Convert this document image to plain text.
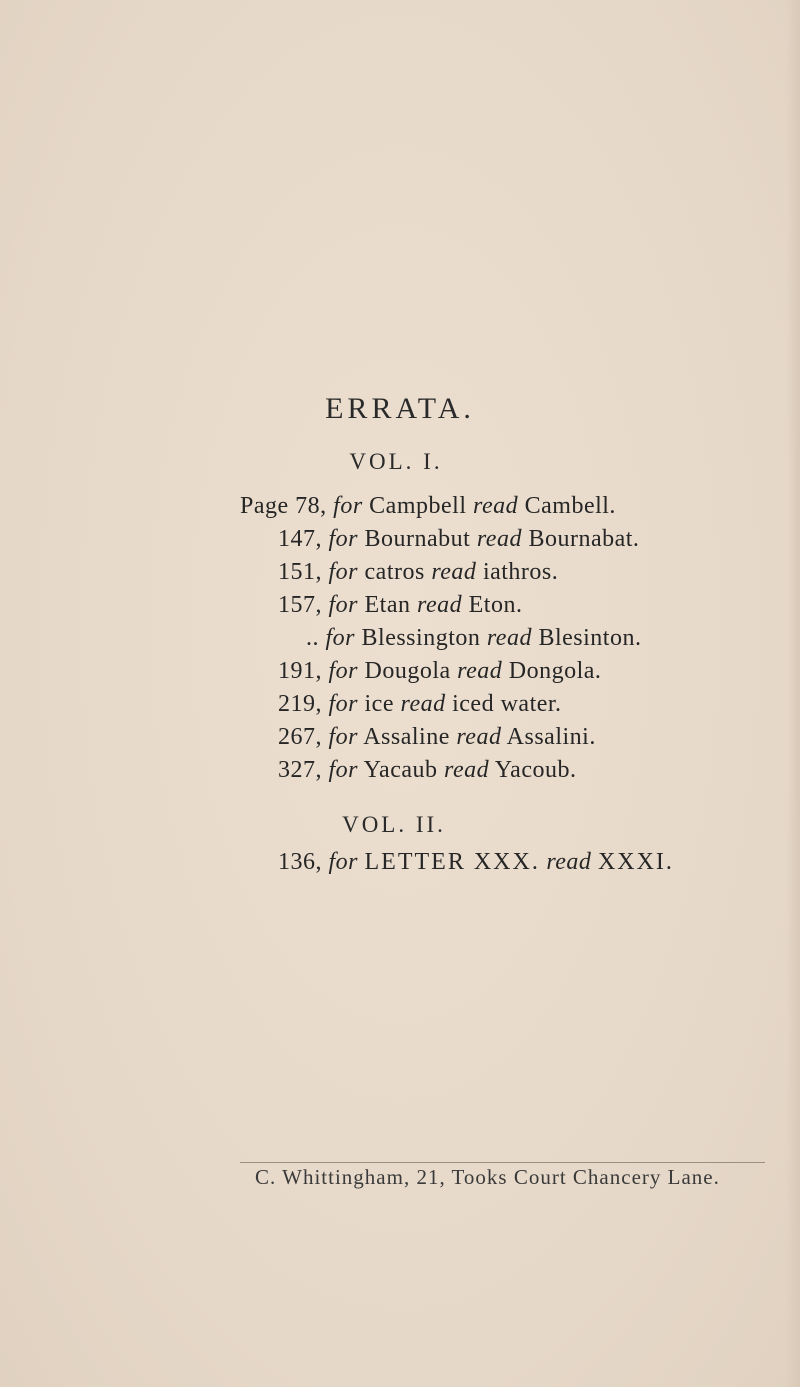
ERRATA.
VOL. I.
Page 78, for Campbell read Cambell.
147, for Bournabut read Bournabat.
151, for catros read iathros.
157, for Etan read Eton.
.. for Blessington read Blesinton.
191, for Dougola read Dongola.
219, for ice read iced water.
267, for Assaline read Assalini.
327, for Yacaub read Yacoub.
VOL. II.
136, for LETTER XXX. read XXXI.
C. Whittingham, 21, Tooks Court Chancery Lane.
